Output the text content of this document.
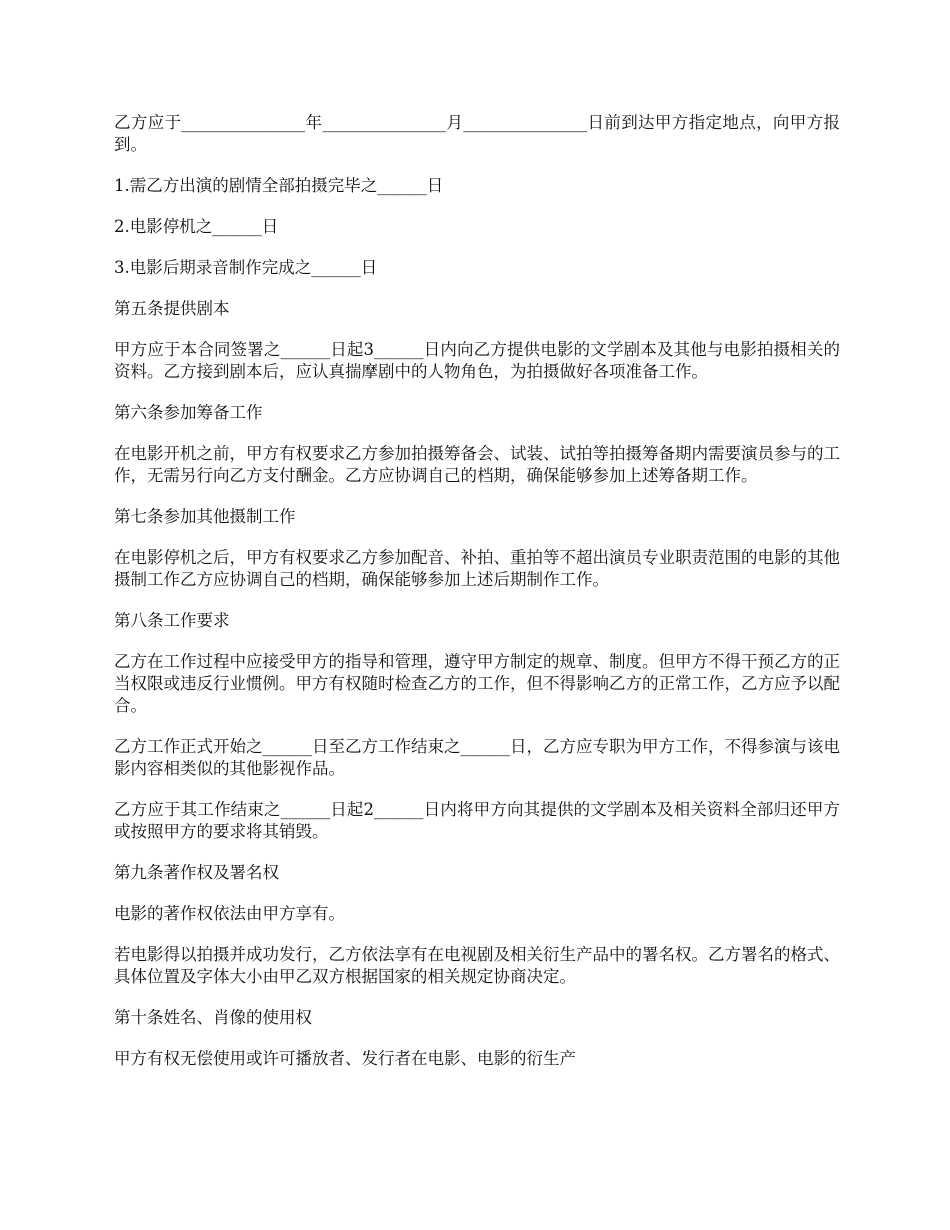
乙方应于_______________年_______________月_______________日前到达甲方指定地点，向甲方报到。

1.需乙方出演的剧情全部拍摄完毕之______日

2.电影停机之______日

3.电影后期录音制作完成之______日

第五条提供剧本

甲方应于本合同签署之______日起3______日内向乙方提供电影的文学剧本及其他与电影拍摄相关的资料。乙方接到剧本后，应认真揣摩剧中的人物角色，为拍摄做好各项准备工作。

第六条参加筹备工作

在电影开机之前，甲方有权要求乙方参加拍摄筹备会、试装、试拍等拍摄筹备期内需要演员参与的工作，无需另行向乙方支付酬金。乙方应协调自己的档期，确保能够参加上述筹备期工作。

第七条参加其他摄制工作

在电影停机之后，甲方有权要求乙方参加配音、补拍、重拍等不超出演员专业职责范围的电影的其他摄制工作乙方应协调自己的档期，确保能够参加上述后期制作工作。

第八条工作要求

乙方在工作过程中应接受甲方的指导和管理，遵守甲方制定的规章、制度。但甲方不得干预乙方的正当权限或违反行业惯例。甲方有权随时检查乙方的工作，但不得影响乙方的正常工作，乙方应予以配合。

乙方工作正式开始之______日至乙方工作结束之______日，乙方应专职为甲方工作，不得参演与该电影内容相类似的其他影视作品。

乙方应于其工作结束之______日起2______日内将甲方向其提供的文学剧本及相关资料全部归还甲方或按照甲方的要求将其销毁。

第九条著作权及署名权

电影的著作权依法由甲方享有。

若电影得以拍摄并成功发行，乙方依法享有在电视剧及相关衍生产品中的署名权。乙方署名的格式、具体位置及字体大小由甲乙双方根据国家的相关规定协商决定。

第十条姓名、肖像的使用权

甲方有权无偿使用或许可播放者、发行者在电影、电影的衍生产
